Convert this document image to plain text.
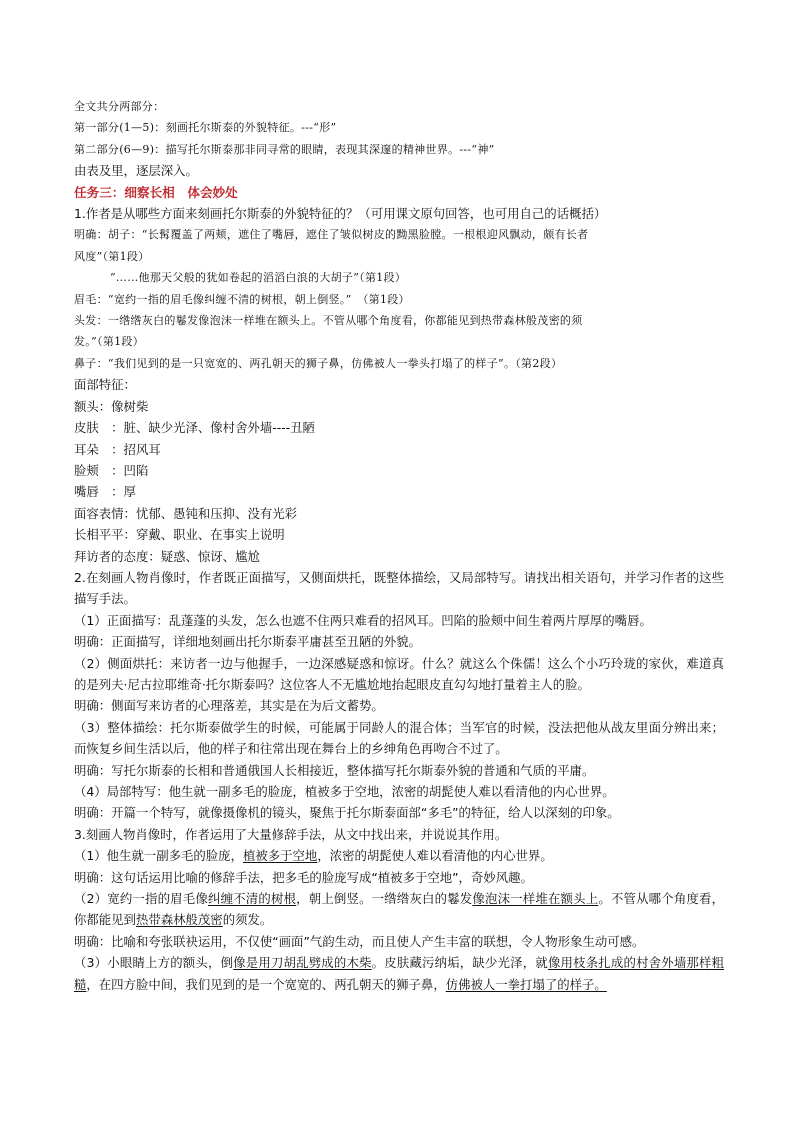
全文共分两部分：

第一部分(1—5)：刻画托尔斯泰的外貌特征。---“形”

第二部分(6—9)：描写托尔斯泰那非同寻常的眼睛，表现其深邃的精神世界。---“神”

由表及里，逐层深入。

任务三：细察长相　体会妙处

1.作者是从哪些方面来刻画托尔斯泰的外貌特征的？（可用课文原句回答，也可用自己的话概括）

明确：胡子：“长髯覆盖了两颊，遮住了嘴唇，遮住了皱似树皮的黝黑脸膛。一根根迎风飘动，颇有长者

风度”（第1段）

“……他那天父般的犹如卷起的滔滔白浪的大胡子”（第1段）

眉毛：“宽约一指的眉毛像纠缠不清的树根，朝上倒竖。”　（第1段）

头发：一绺绺灰白的鬈发像泡沫一样堆在额头上。不管从哪个角度看，你都能见到热带森林般茂密的须

发。”（第1段）

鼻子：“我们见到的是一只宽宽的、两孔朝天的狮子鼻，仿佛被人一拳头打塌了的样子”。（第2段）

面部特征：

额头：像树柴

皮肤　：脏、缺少光泽、像村舍外墙----丑陋

耳朵　：招风耳

脸颊　：凹陷

嘴唇　：厚

面容表情：忧郁、愚钝和压抑、没有光彩

长相平平：穿戴、职业、在事实上说明

拜访者的态度：疑惑、惊讶、尴尬

2.在刻画人物肖像时，作者既正面描写，又侧面烘托，既整体描绘，又局部特写。请找出相关语句，并学习作者的这些描写手法。

（1）正面描写：乱蓬蓬的头发，怎么也遮不住两只难看的招风耳。凹陷的脸颊中间生着两片厚厚的嘴唇。

明确：正面描写，详细地刻画出托尔斯泰平庸甚至丑陋的外貌。

（2）侧面烘托：来访者一边与他握手，一边深感疑惑和惊讶。什么？就这么个侏儒！这么个小巧玲珑的家伙，难道真的是列夫·尼古拉耶维奇·托尔斯泰吗？这位客人不无尴尬地抬起眼皮直勾勾地打量着主人的脸。

明确：侧面写来访者的心理落差，其实是在为后文蓄势。

（3）整体描绘：托尔斯泰做学生的时候，可能属于同龄人的混合体；当军官的时候，没法把他从战友里面分辨出来；而恢复乡间生活以后，他的样子和往常出现在舞台上的乡绅角色再吻合不过了。

明确：写托尔斯泰的长相和普通俄国人长相接近，整体描写托尔斯泰外貌的普通和气质的平庸。

（4）局部特写：他生就一副多毛的脸庞，植被多于空地，浓密的胡髭使人难以看清他的内心世界。

明确：开篇一个特写，就像摄像机的镜头，聚焦于托尔斯泰面部“多毛”的特征，给人以深刻的印象。

3.刻画人物肖像时，作者运用了大量修辞手法，从文中找出来，并说说其作用。

（1）他生就一副多毛的脸庞，植被多于空地，浓密的胡髭使人难以看清他的内心世界。

明确：这句话运用比喻的修辞手法，把多毛的脸庞写成“植被多于空地”，奇妙风趣。

（2）宽约一指的眉毛像纠缠不清的树根，朝上倒竖。一绺绺灰白的鬈发像泡沫一样堆在额头上。不管从哪个角度看，你都能见到热带森林般茂密的须发。

明确：比喻和夸张联袂运用，不仅使“画面”气韵生动，而且使人产生丰富的联想，令人物形象生动可感。

（3）小眼睛上方的额头，倒像是用刀胡乱劈成的木柴。皮肤藏污纳垢，缺少光泽，就像用枝条扎成的村舍外墙那样粗糙，在四方脸中间，我们见到的是一个宽宽的、两孔朝天的狮子鼻，仿佛被人一拳打塌了的样子。
